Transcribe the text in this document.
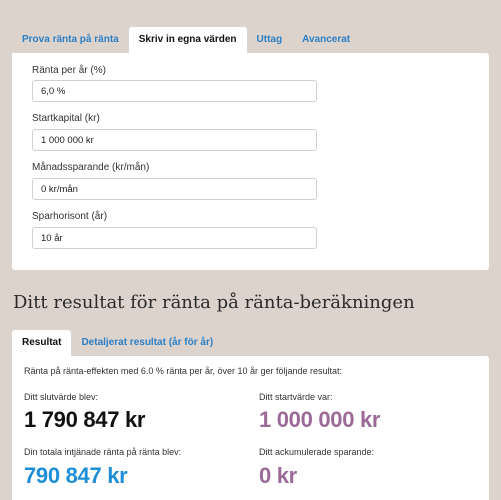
Prova ränta på ränta	Skriv in egna värden	Uttag	Avancerat
Ränta per år (%)
6,0 %
Startkapital (kr)
1 000 000 kr
Månadssparande (kr/mån)
0 kr/mån
Sparhorisont (år)
10 år
Ditt resultat för ränta på ränta-beräkningen
Resultat	Detaljerat resultat (år för år)
Ränta på ränta-effekten med 6.0 % ränta per år, över 10 år ger följande resultat:
Ditt slutvärde blev:
1 790 847 kr
Ditt startvärde var:
1 000 000 kr
Din totala intjänade ränta på ränta blev:
790 847 kr
Ditt ackumulerade sparande:
0 kr
